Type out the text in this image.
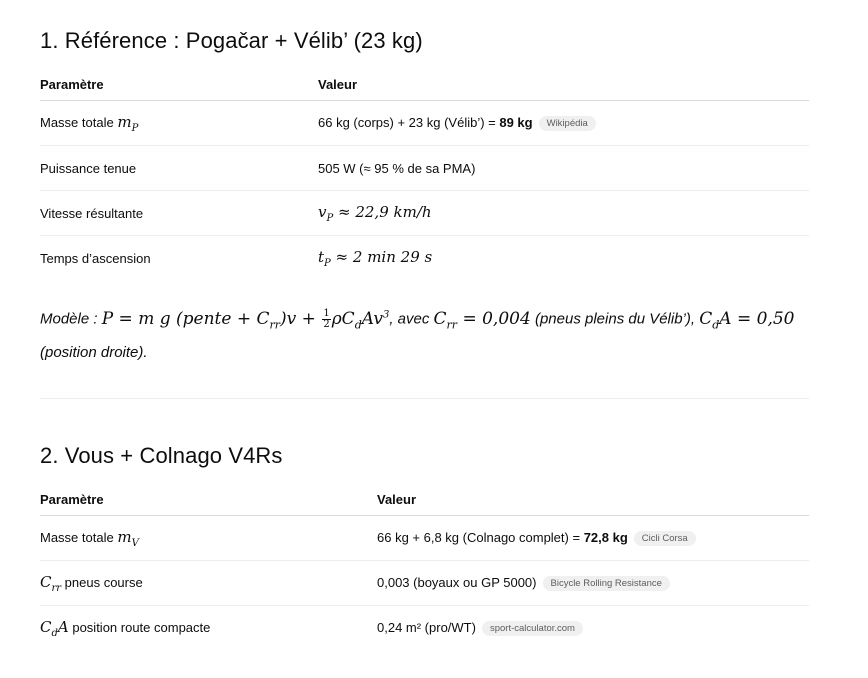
1. Référence : Pogačar + Vélib’ (23 kg)
Paramètre	Valeur
Masse totale $m_P$	66 kg (corps) + 23 kg (Vélib’) = 89 kg Wikipédia
Puissance tenue	505 W (≈ 95 % de sa PMA)
Vitesse résultante	$v_P \approx 22,9$ km/h
Temps d’ascension	$t_P \approx 2$ min 29 s
Modèle : P = m g (pente + $C_{rr})v + \frac{1}{2} \rho C_dAv^3$, avec $C_{rr} = 0,004$ (pneus pleins du Vélib’), $C_dA = 0,50$ (position droite).
2. Vous + Colnago V4Rs
Paramètre	Valeur
Masse totale $m_V$	66 kg + 6,8 kg (Colnago complet) = 72,8 kg Cicli Corsa
$C_{rr}$ pneus course	0,003 (boyaux ou GP 5000) Bicycle Rolling Resistance
$C_dA$ position route compacte	0,24 m² (pro/WT) sport-calculator.com
